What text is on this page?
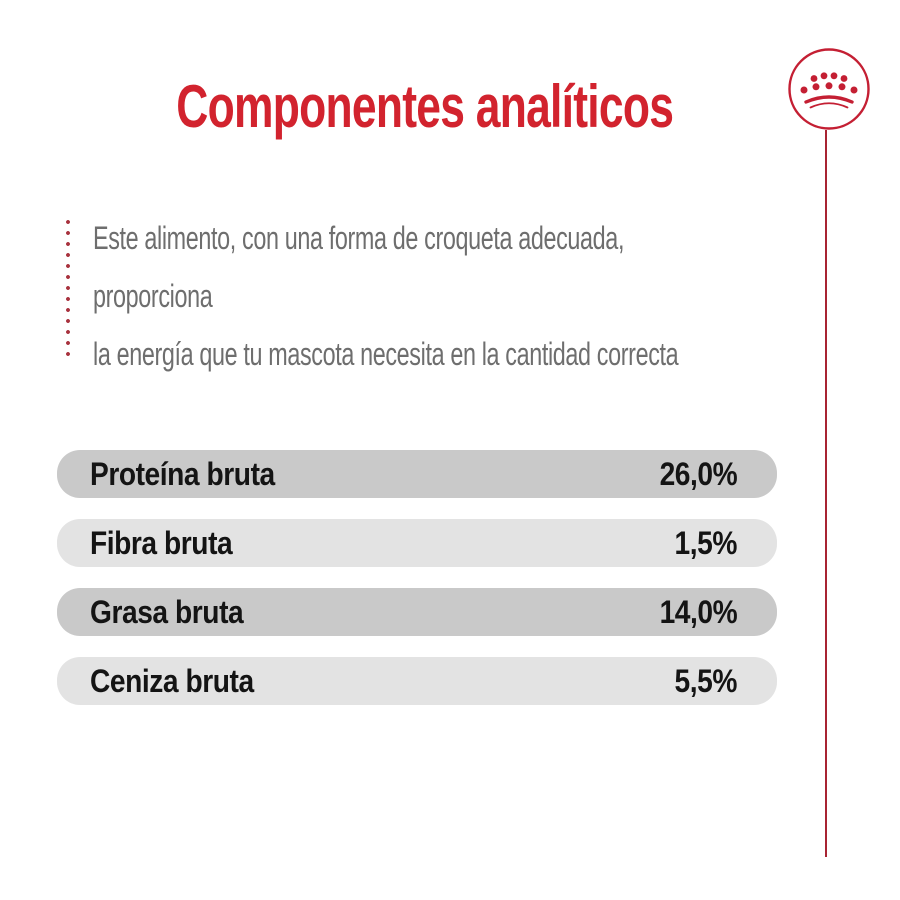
Componentes analíticos
Este alimento, con una forma de croqueta adecuada,
proporciona
la energía que tu mascota necesita en la cantidad correcta
Proteína bruta	26,0%
Fibra bruta	1,5%
Grasa bruta	14,0%
Ceniza bruta	5,5%
